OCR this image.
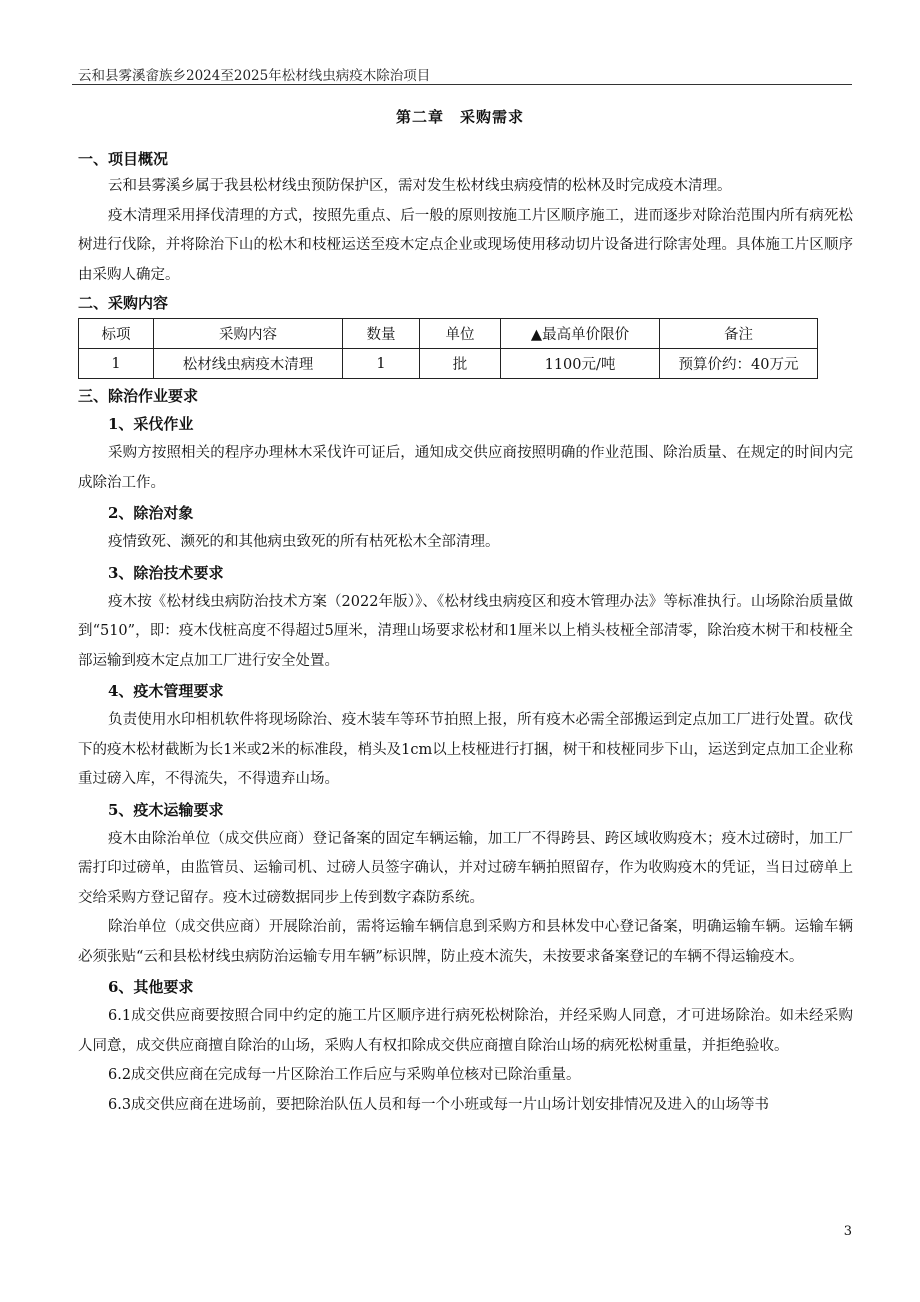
云和县雾溪畲族乡2024至2025年松材线虫病疫木除治项目
第二章　采购需求
一、项目概况

云和县雾溪乡属于我县松材线虫预防保护区，需对发生松材线虫病疫情的松林及时完成疫木清理。

疫木清理采用择伐清理的方式，按照先重点、后一般的原则按施工片区顺序施工，进而逐步对除治范围内所有病死松树进行伐除，并将除治下山的松木和枝桠运送至疫木定点企业或现场使用移动切片设备进行除害处理。具体施工片区顺序由采购人确定。

二、采购内容
标项	采购内容	数量	单位	▲最高单价限价	备注
1	松材线虫病疫木清理	1	批	1100元/吨	预算价约：40万元
三、除治作业要求
1、采伐作业

采购方按照相关的程序办理林木采伐许可证后，通知成交供应商按照明确的作业范围、除治质量、在规定的时间内完成除治工作。

2、除治对象

疫情致死、濒死的和其他病虫致死的所有枯死松木全部清理。

3、除治技术要求

疫木按《松材线虫病防治技术方案（2022年版）》、《松材线虫病疫区和疫木管理办法》等标准执行。山场除治质量做到“510”，即：疫木伐桩高度不得超过5厘米，清理山场要求松材和1厘米以上梢头枝桠全部清零，除治疫木树干和枝桠全部运输到疫木定点加工厂进行安全处置。

4、疫木管理要求

负责使用水印相机软件将现场除治、疫木装车等环节拍照上报，所有疫木必需全部搬运到定点加工厂进行处置。砍伐下的疫木松材截断为长1米或2米的标准段，梢头及1cm以上枝桠进行打捆，树干和枝桠同步下山，运送到定点加工企业称重过磅入库，不得流失，不得遗弃山场。

5、疫木运输要求

疫木由除治单位（成交供应商）登记备案的固定车辆运输，加工厂不得跨县、跨区域收购疫木；疫木过磅时，加工厂需打印过磅单，由监管员、运输司机、过磅人员签字确认，并对过磅车辆拍照留存，作为收购疫木的凭证，当日过磅单上交给采购方登记留存。疫木过磅数据同步上传到数字森防系统。

除治单位（成交供应商）开展除治前，需将运输车辆信息到采购方和县林发中心登记备案，明确运输车辆。运输车辆必须张贴“云和县松材线虫病防治运输专用车辆”标识牌，防止疫木流失，未按要求备案登记的车辆不得运输疫木。

6、其他要求

6.1成交供应商要按照合同中约定的施工片区顺序进行病死松树除治，并经采购人同意，才可进场除治。如未经采购人同意，成交供应商擅自除治的山场，采购人有权扣除成交供应商擅自除治山场的病死松树重量，并拒绝验收。

6.2成交供应商在完成每一片区除治工作后应与采购单位核对已除治重量。

6.3成交供应商在进场前，要把除治队伍人员和每一个小班或每一片山场计划安排情况及进入的山场等书

3
